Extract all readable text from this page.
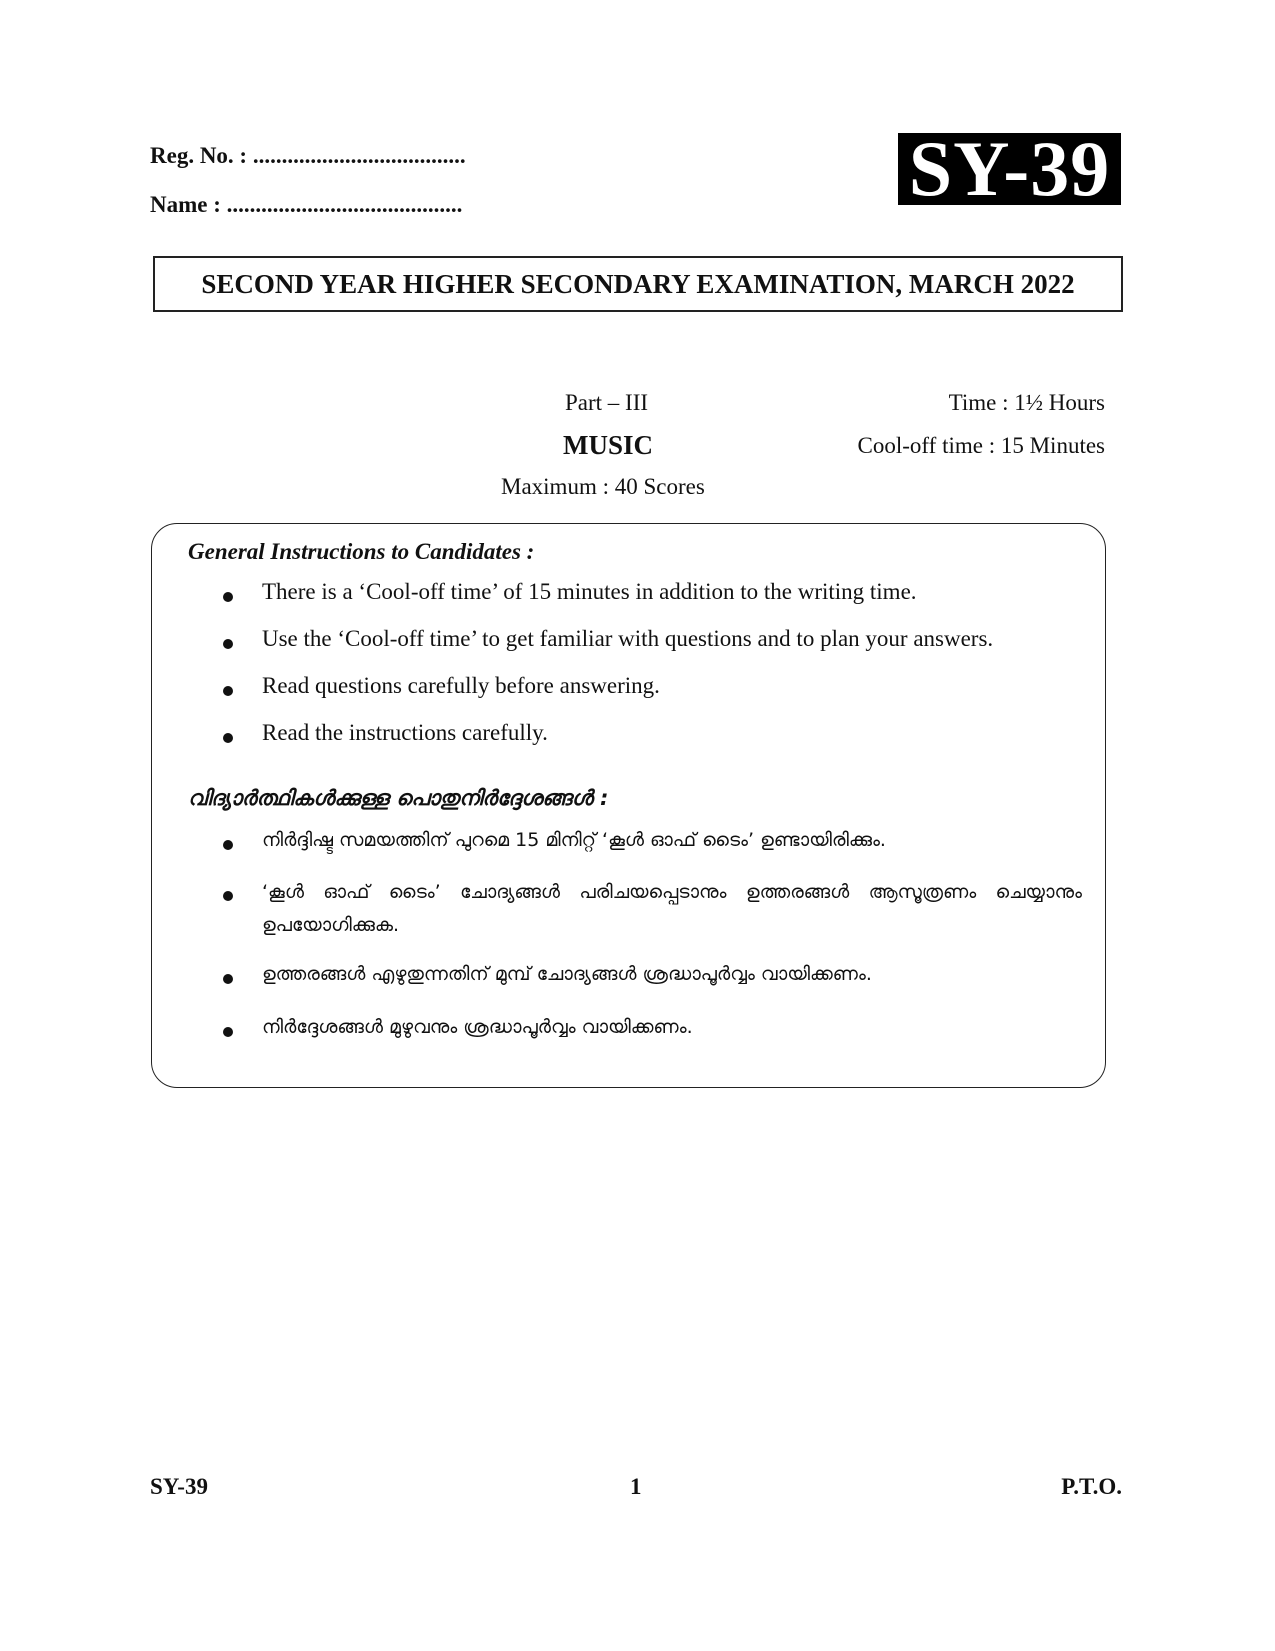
Reg. No. : .....................................
Name : .........................................	SY-39
SECOND YEAR HIGHER SECONDARY EXAMINATION, MARCH 2022
Part – III
MUSIC
Maximum : 40 Scores
Time : 1½ Hours
Cool-off time : 15 Minutes
General Instructions to Candidates :
There is a ‘Cool-off time’ of 15 minutes in addition to the writing time.
Use the ‘Cool-off time’ to get familiar with questions and to plan your answers.
Read questions carefully before answering.
Read the instructions carefully.
വിദ്യാർത്ഥികൾക്കുള്ള പൊതുനിർദ്ദേശങ്ങൾ :
നിർദ്ദിഷ്ട സമയത്തിന് പുറമെ 15 മിനിറ്റ് ‘കൂൾ ഓഫ് ടൈം’ ഉണ്ടായിരിക്കും.
‘കൂൾ ഓഫ് ടൈം’ ചോദ്യങ്ങൾ പരിചയപ്പെടാനും ഉത്തരങ്ങൾ ആസൂത്രണം ചെയ്യാനും ഉപയോഗിക്കുക.
ഉത്തരങ്ങൾ എഴുതുന്നതിന് മുമ്പ് ചോദ്യങ്ങൾ ശ്രദ്ധാപൂർവ്വം വായിക്കണം.
നിർദ്ദേശങ്ങൾ മുഴുവനും ശ്രദ്ധാപൂർവ്വം വായിക്കണം.
SY-39	1	P.T.O.
